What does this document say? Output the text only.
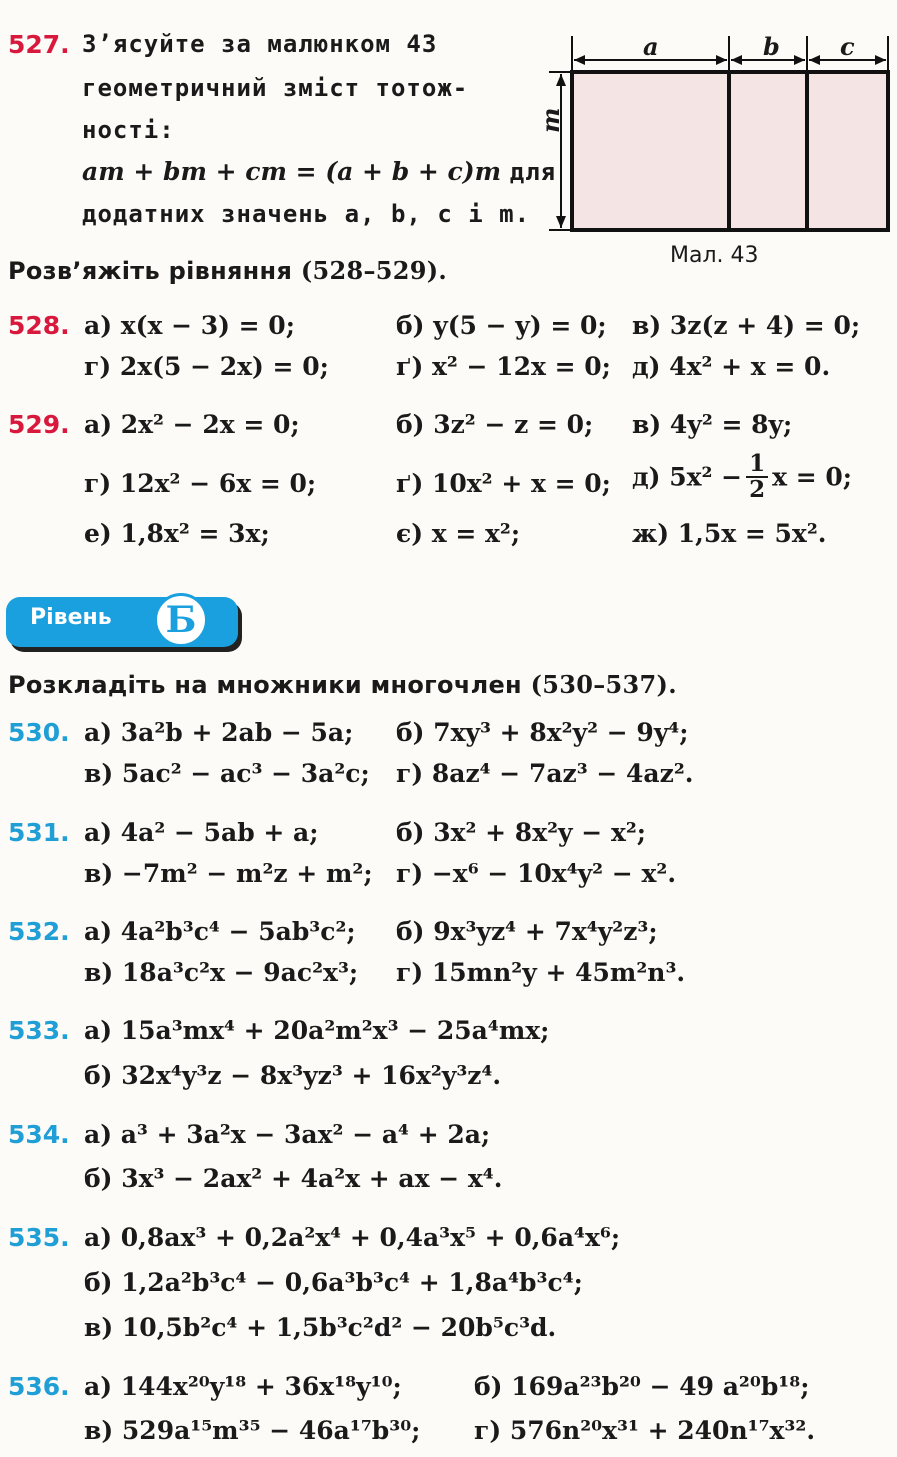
527. З’ясуйте за малюнком 43
геометричний зміст тотож-
ності:
am + bm + cm = (a + b + c)m для
додатних значень a, b, c і m.
a	b	c
m
Мал. 43
Розв’яжіть рівняння (528–529).
528. а) x(x − 3) = 0;	б) y(5 − y) = 0; в) 3z(z + 4) = 0;
г) 2x(5 − 2x) = 0;	ґ) x² − 12x = 0; д) 4x² + x = 0.
529. а) 2x² − 2x = 0;	б) 3z² − z = 0; в) 4y² = 8y;
г) 12x² − 6x = 0;	ґ) 10x² + x = 0; д) $5x^2 - \frac{1}{2}$ x = 0;
е) 1,8x² = 3x;	є) x = x²;	ж) 1,5x = 5x².
Рівень	Б
Розкладіть на множники многочлен (530–537).
530. а) 3a²b + 2ab − 5a; б) 7xy³ + 8x²y² − 9y⁴;
в) 5ac² − ac³ − 3a²c; г) 8az⁴ − 7az³ − 4az².
531. а) 4a² − 5ab + a;	б) 3x² + 8x²y − x²;
в) −7m² − m²z + m²; г) −x⁶ − 10x⁴y² − x².
532. а) 4a²b³c⁴ − 5ab³c²; б) 9x³yz⁴ + 7x⁴y²z³;
в) 18a³c²x − 9ac²x³; г) 15mn²y + 45m²n³.
533. а) 15a³mx⁴ + 20a²m²x³ − 25a⁴mx;
б) 32x⁴y³z − 8x³yz³ + 16x²y³z⁴.
534. а) a³ + 3a²x − 3ax² − a⁴ + 2a;
б) 3x³ − 2ax² + 4a²x + ax − x⁴.
535. а) 0,8ax³ + 0,2a²x⁴ + 0,4a³x⁵ + 0,6a⁴x⁶;
б) 1,2a²b³c⁴ − 0,6a³b³c⁴ + 1,8a⁴b³c⁴;
в) 10,5b²c⁴ + 1,5b³c²d² − 20b⁵c³d.
536. а) 144x²⁰y¹⁸ + 36x¹⁸y¹⁰;	б) 169a²³b²⁰ − 49 a²⁰b¹⁸;
в) 529a¹⁵m³⁵ − 46a¹⁷b³⁰; г) 576n²⁰x³¹ + 240n¹⁷x³².
